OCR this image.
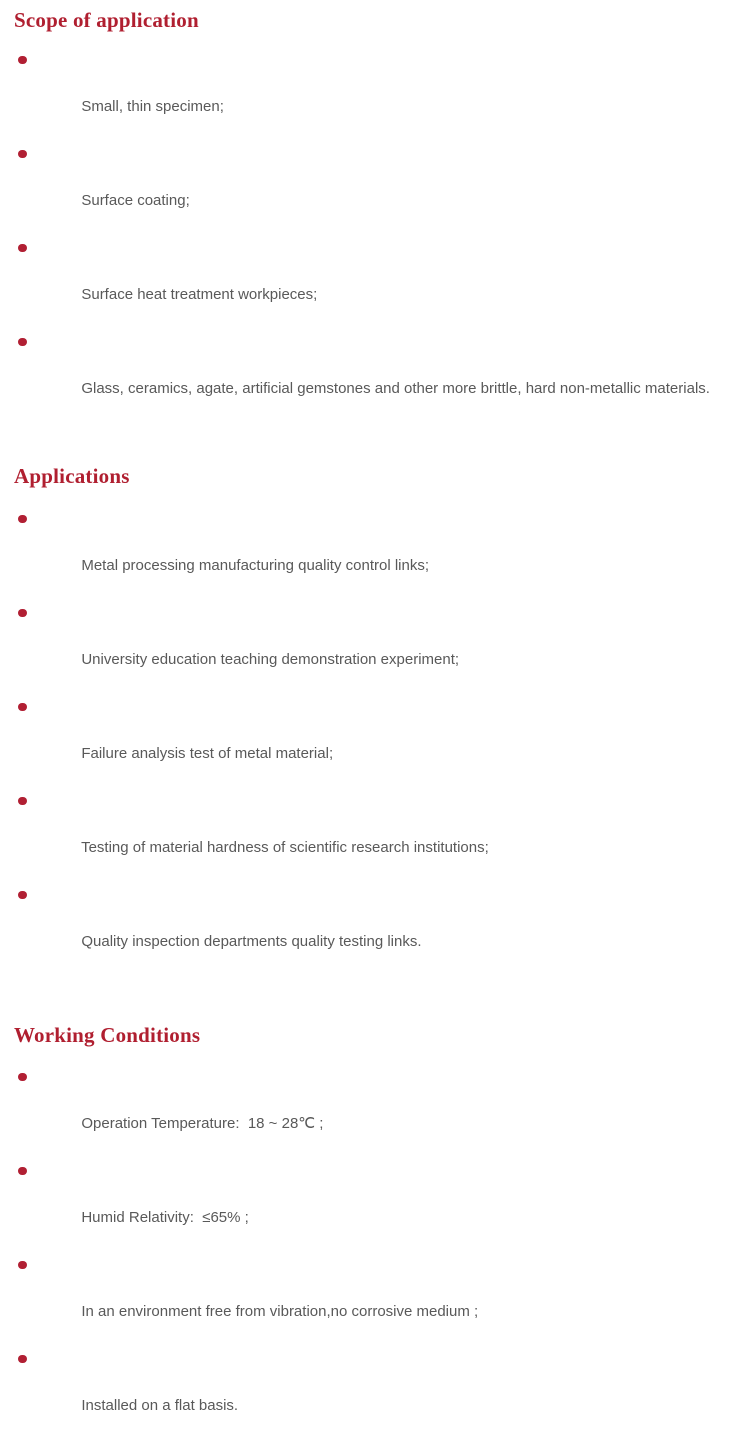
Scope of application

Small, thin specimen;

Surface coating;

Surface heat treatment workpieces;

Glass, ceramics, agate, artificial gemstones and other more brittle, hard non-metallic materials.

Applications

Metal processing manufacturing quality control links;

University education teaching demonstration experiment;

Failure analysis test of metal material;

Testing of material hardness of scientific research institutions;

Quality inspection departments quality testing links.

Working Conditions

Operation Temperature:  18 ~ 28℃ ;

Humid Relativity:  ≤65% ;

In an environment free from vibration,no corrosive medium ;

Installed on a flat basis.
